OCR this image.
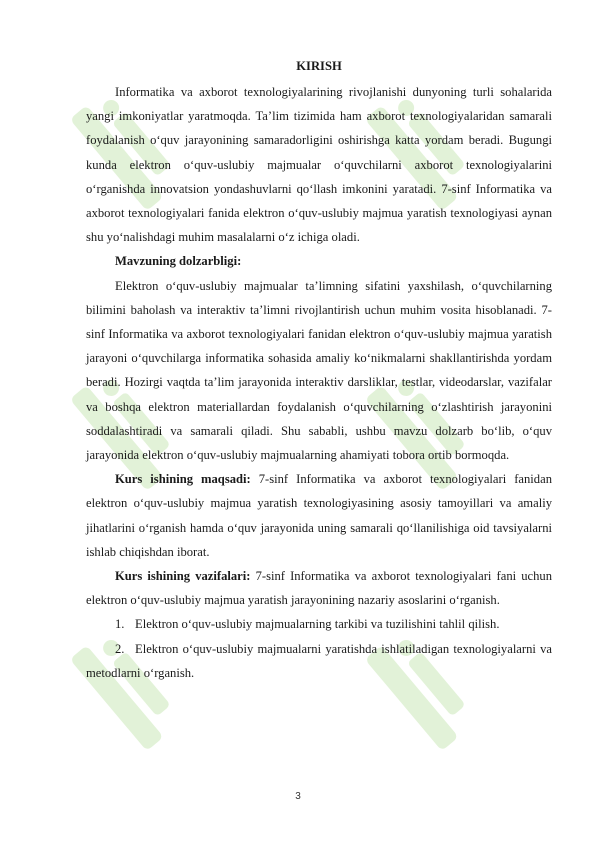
KIRISH

Informatika va axborot texnologiyalarining rivojlanishi dunyoning turli sohalarida yangi imkoniyatlar yaratmoqda. Ta’lim tizimida ham axborot texnologiyalaridan samarali foydalanish o‘quv jarayonining samaradorligini oshirishga katta yordam beradi. Bugungi kunda elektron o‘quv-uslubiy majmualar o‘quvchilarni axborot texnologiyalarini o‘rganishda innovatsion yondashuvlarni qo‘llash imkonini yaratadi. 7-sinf Informatika va axborot texnologiyalari fanida elektron o‘quv-uslubiy majmua yaratish texnologiyasi aynan shu yo‘nalishdagi muhim masalalarni o‘z ichiga oladi.

Mavzuning dolzarbligi:

Elektron o‘quv-uslubiy majmualar ta’limning sifatini yaxshilash, o‘quvchilarning bilimini baholash va interaktiv ta’limni rivojlantirish uchun muhim vosita hisoblanadi. 7-sinf Informatika va axborot texnologiyalari fanidan elektron o‘quv-uslubiy majmua yaratish jarayoni o‘quvchilarga informatika sohasida amaliy ko‘nikmalarni shakllantirishda yordam beradi. Hozirgi vaqtda ta’lim jarayonida interaktiv darsliklar, testlar, videodarslar, vazifalar va boshqa elektron materiallardan foydalanish o‘quvchilarning o‘zlashtirish jarayonini soddalashtiradi va samarali qiladi. Shu sababli, ushbu mavzu dolzarb bo‘lib, o‘quv jarayonida elektron o‘quv-uslubiy majmualarning ahamiyati tobora ortib bormoqda.

Kurs ishining maqsadi: 7-sinf Informatika va axborot texnologiyalari fanidan elektron o‘quv-uslubiy majmua yaratish texnologiyasining asosiy tamoyillari va amaliy jihatlarini o‘rganish hamda o‘quv jarayonida uning samarali qo‘llanilishiga oid tavsiyalarni ishlab chiqishdan iborat.

Kurs ishining vazifalari: 7-sinf Informatika va axborot texnologiyalari fani uchun elektron o‘quv-uslubiy majmua yaratish jarayonining nazariy asoslarini o‘rganish.

1. Elektron o‘quv-uslubiy majmualarning tarkibi va tuzilishini tahlil qilish.

2. Elektron o‘quv-uslubiy majmualarni yaratishda ishlatiladigan texnologiyalarni va metodlarni o‘rganish.

3
